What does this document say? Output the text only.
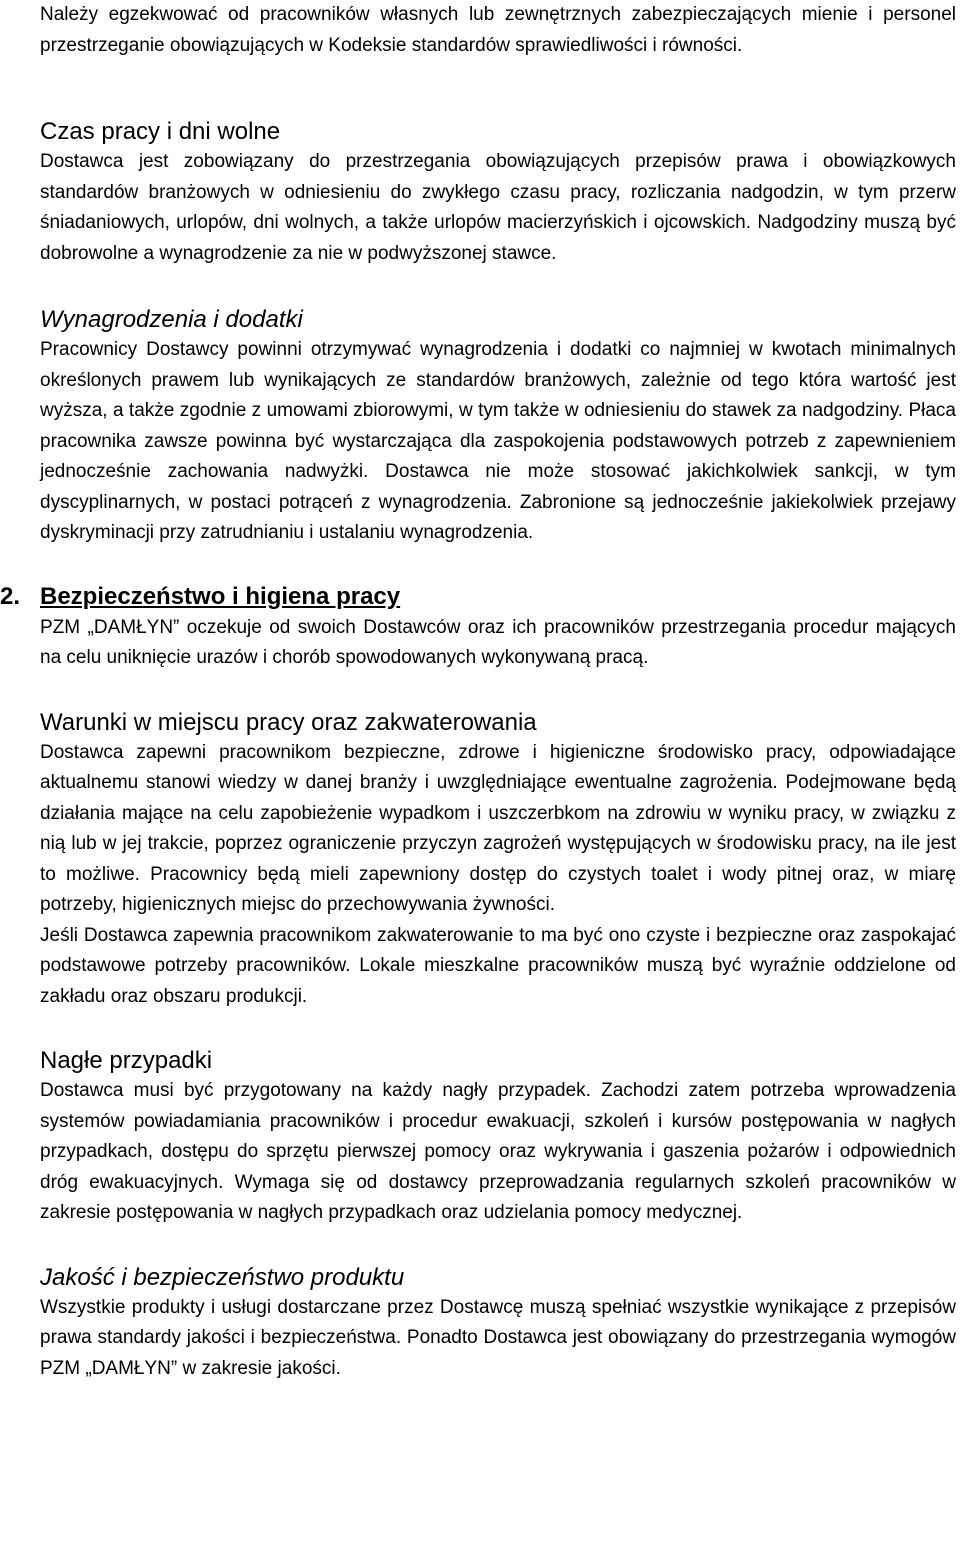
Należy egzekwować od pracowników własnych lub zewnętrznych zabezpieczających mienie i personel przestrzeganie obowiązujących w Kodeksie standardów sprawiedliwości i równości.

Czas pracy i dni wolne

Dostawca jest zobowiązany do przestrzegania obowiązujących przepisów prawa i obowiązkowych standardów branżowych w odniesieniu do zwykłego czasu pracy, rozliczania nadgodzin, w tym przerw śniadaniowych, urlopów, dni wolnych, a także urlopów macierzyńskich i ojcowskich. Nadgodziny muszą być dobrowolne a wynagrodzenie za nie w podwyższonej stawce.

Wynagrodzenia i dodatki

Pracownicy Dostawcy powinni otrzymywać wynagrodzenia i dodatki co najmniej w kwotach minimalnych określonych prawem lub wynikających ze standardów branżowych, zależnie od tego która wartość jest wyższa, a także zgodnie z umowami zbiorowymi, w tym także w odniesieniu do stawek za nadgodziny. Płaca pracownika zawsze powinna być wystarczająca dla zaspokojenia podstawowych potrzeb z zapewnieniem jednocześnie zachowania nadwyżki. Dostawca nie może stosować jakichkolwiek sankcji, w tym dyscyplinarnych, w postaci potrąceń z wynagrodzenia. Zabronione są jednocześnie jakiekolwiek przejawy dyskryminacji przy zatrudnianiu i ustalaniu wynagrodzenia.

2. Bezpieczeństwo i higiena pracy

PZM „DAMŁYN” oczekuje od swoich Dostawców oraz ich pracowników przestrzegania procedur mających na celu uniknięcie urazów i chorób spowodowanych wykonywaną pracą.

Warunki w miejscu pracy oraz zakwaterowania

Dostawca zapewni pracownikom bezpieczne, zdrowe i higieniczne środowisko pracy, odpowiadające aktualnemu stanowi wiedzy w danej branży i uwzględniające ewentualne zagrożenia. Podejmowane będą działania mające na celu zapobieżenie wypadkom i uszczerbkom na zdrowiu w wyniku pracy, w związku z nią lub w jej trakcie, poprzez ograniczenie przyczyn zagrożeń występujących w środowisku pracy, na ile jest to możliwe. Pracownicy będą mieli zapewniony dostęp do czystych toalet i wody pitnej oraz, w miarę potrzeby, higienicznych miejsc do przechowywania żywności.

Jeśli Dostawca zapewnia pracownikom zakwaterowanie to ma być ono czyste i bezpieczne oraz zaspokajać podstawowe potrzeby pracowników. Lokale mieszkalne pracowników muszą być wyraźnie oddzielone od zakładu oraz obszaru produkcji.

Nagłe przypadki

Dostawca musi być przygotowany na każdy nagły przypadek. Zachodzi zatem potrzeba wprowadzenia systemów powiadamiania pracowników i procedur ewakuacji, szkoleń i kursów postępowania w nagłych przypadkach, dostępu do sprzętu pierwszej pomocy oraz wykrywania i gaszenia pożarów i odpowiednich dróg ewakuacyjnych. Wymaga się od dostawcy przeprowadzania regularnych szkoleń pracowników w zakresie postępowania w nagłych przypadkach oraz udzielania pomocy medycznej.

Jakość i bezpieczeństwo produktu

Wszystkie produkty i usługi dostarczane przez Dostawcę muszą spełniać wszystkie wynikające z przepisów prawa standardy jakości i bezpieczeństwa. Ponadto Dostawca jest obowiązany do przestrzegania wymogów PZM „DAMŁYN” w zakresie jakości.
